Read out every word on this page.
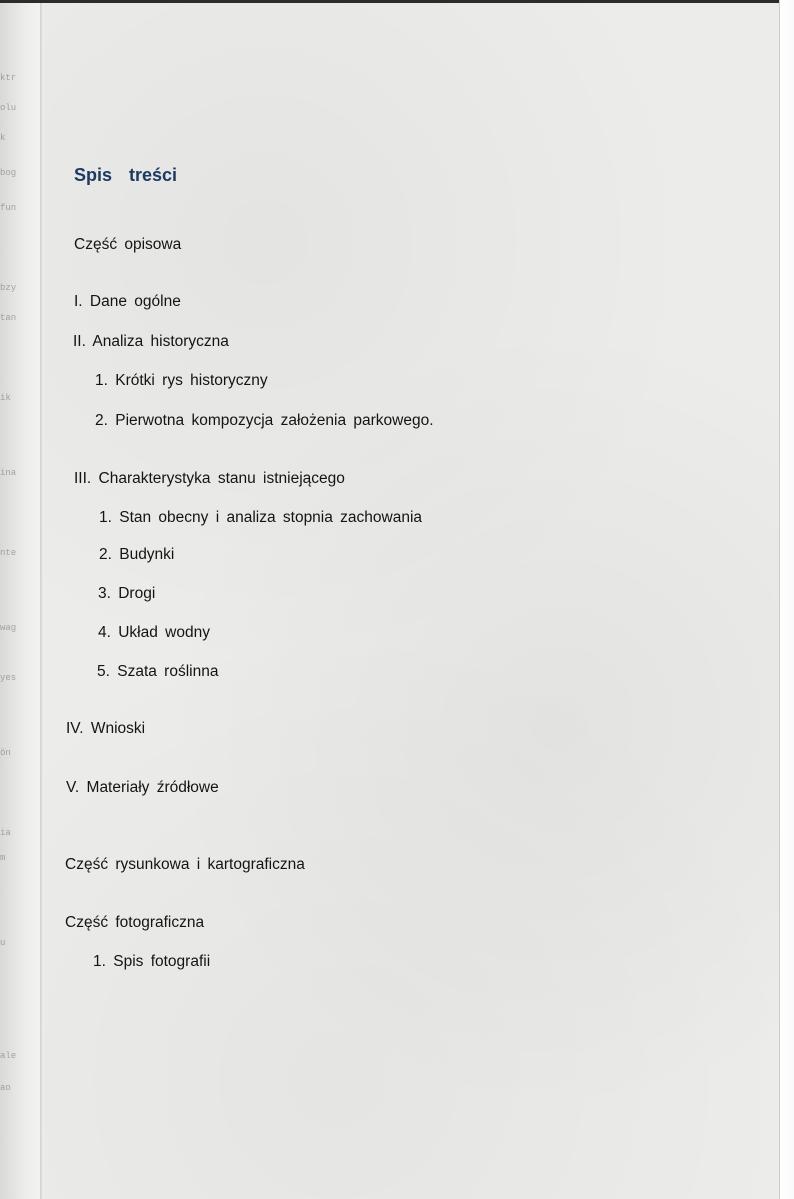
ktr
olu
k
bog
fun
bzy
tan
ik
ina
nte
wag
yes
ön
ia
m
u
ale
ao
Spis treści
Część opisowa
I. Dane ogólne
II. Analiza historyczna
1. Krótki rys historyczny
2. Pierwotna kompozycja założenia parkowego.
III. Charakterystyka stanu istniejącego
1. Stan obecny i analiza stopnia zachowania
2. Budynki
3. Drogi
4. Układ wodny
5. Szata roślinna
IV. Wnioski
V. Materiały źródłowe
Część rysunkowa i kartograficzna
Część fotograficzna
1. Spis fotografii
